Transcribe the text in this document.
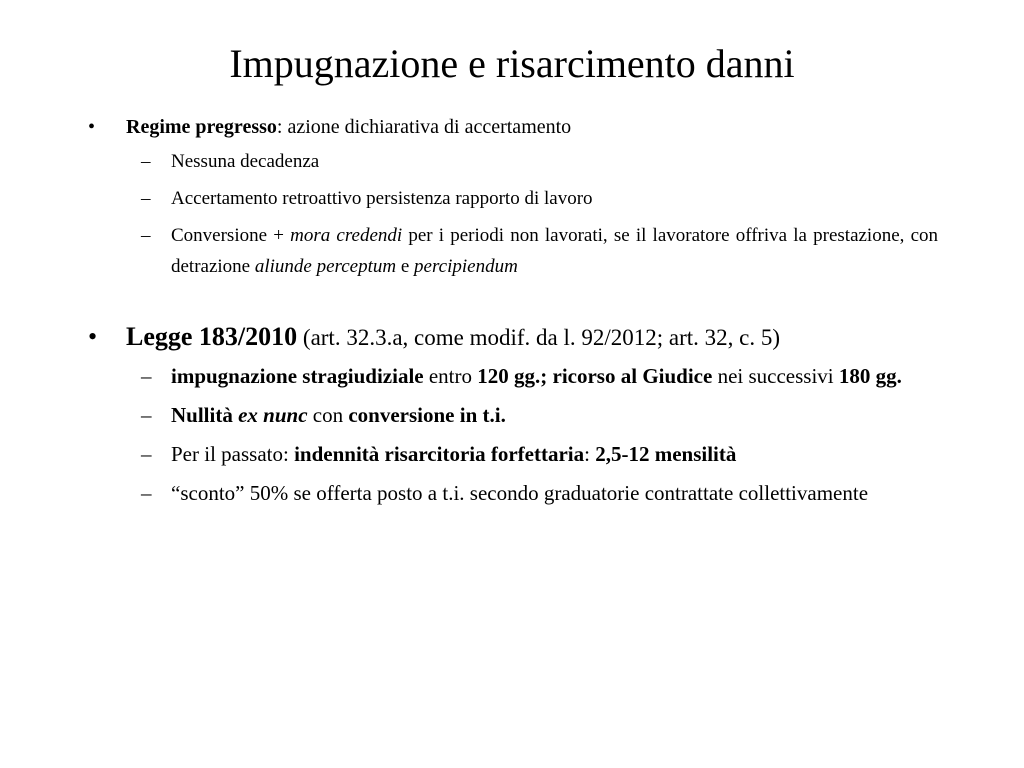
Impugnazione e risarcimento danni
• Regime pregresso: azione dichiarativa di accertamento
– Nessuna decadenza
– Accertamento retroattivo persistenza rapporto di lavoro
– Conversione + mora credendi per i periodi non lavorati, se il lavoratore offriva la prestazione, con detrazione aliunde perceptum e percipiendum
• Legge 183/2010 (art. 32.3.a, come modif. da l. 92/2012; art. 32, c. 5)
– impugnazione stragiudiziale entro 120 gg.; ricorso al Giudice nei successivi 180 gg.
– Nullità ex nunc con conversione in t.i.
– Per il passato: indennità risarcitoria forfettaria: 2,5-12 mensilità
– “sconto” 50% se offerta posto a t.i. secondo graduatorie contrattate collettivamente
